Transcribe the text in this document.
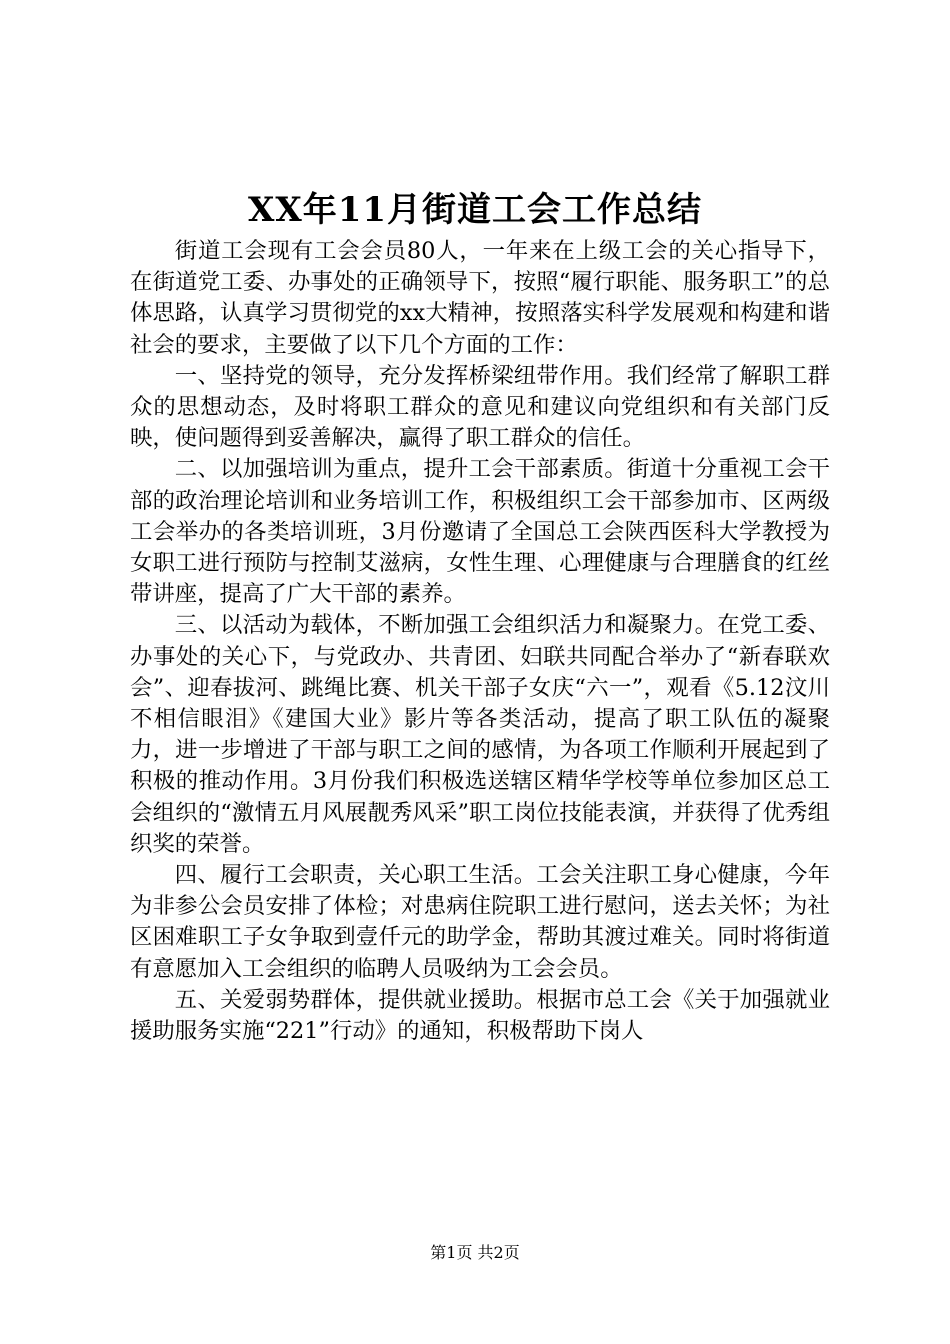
XX年11月街道工会工作总结

街道工会现有工会会员80人，一年来在上级工会的关心指导下，在街道党工委、办事处的正确领导下，按照“履行职能、服务职工”的总体思路，认真学习贯彻党的xx大精神，按照落实科学发展观和构建和谐社会的要求，主要做了以下几个方面的工作：

一、坚持党的领导，充分发挥桥梁纽带作用。我们经常了解职工群众的思想动态，及时将职工群众的意见和建议向党组织和有关部门反映，使问题得到妥善解决，赢得了职工群众的信任。

二、以加强培训为重点，提升工会干部素质。街道十分重视工会干部的政治理论培训和业务培训工作，积极组织工会干部参加市、区两级工会举办的各类培训班，3月份邀请了全国总工会陕西医科大学教授为女职工进行预防与控制艾滋病，女性生理、心理健康与合理膳食的红丝带讲座，提高了广大干部的素养。

三、以活动为载体，不断加强工会组织活力和凝聚力。在党工委、办事处的关心下，与党政办、共青团、妇联共同配合举办了“新春联欢会”、迎春拔河、跳绳比赛、机关干部子女庆“六一”，观看《5.12汶川不相信眼泪》《建国大业》影片等各类活动，提高了职工队伍的凝聚力，进一步增进了干部与职工之间的感情，为各项工作顺利开展起到了积极的推动作用。3月份我们积极选送辖区精华学校等单位参加区总工会组织的“激情五月风展靓秀风采”职工岗位技能表演，并获得了优秀组织奖的荣誉。

四、履行工会职责，关心职工生活。工会关注职工身心健康，今年为非参公会员安排了体检；对患病住院职工进行慰问，送去关怀；为社区困难职工子女争取到壹仟元的助学金，帮助其渡过难关。同时将街道有意愿加入工会组织的临聘人员吸纳为工会会员。

五、关爱弱势群体，提供就业援助。根据市总工会《关于加强就业援助服务实施“221”行动》的通知，积极帮助下岗人

第1页 共2页
